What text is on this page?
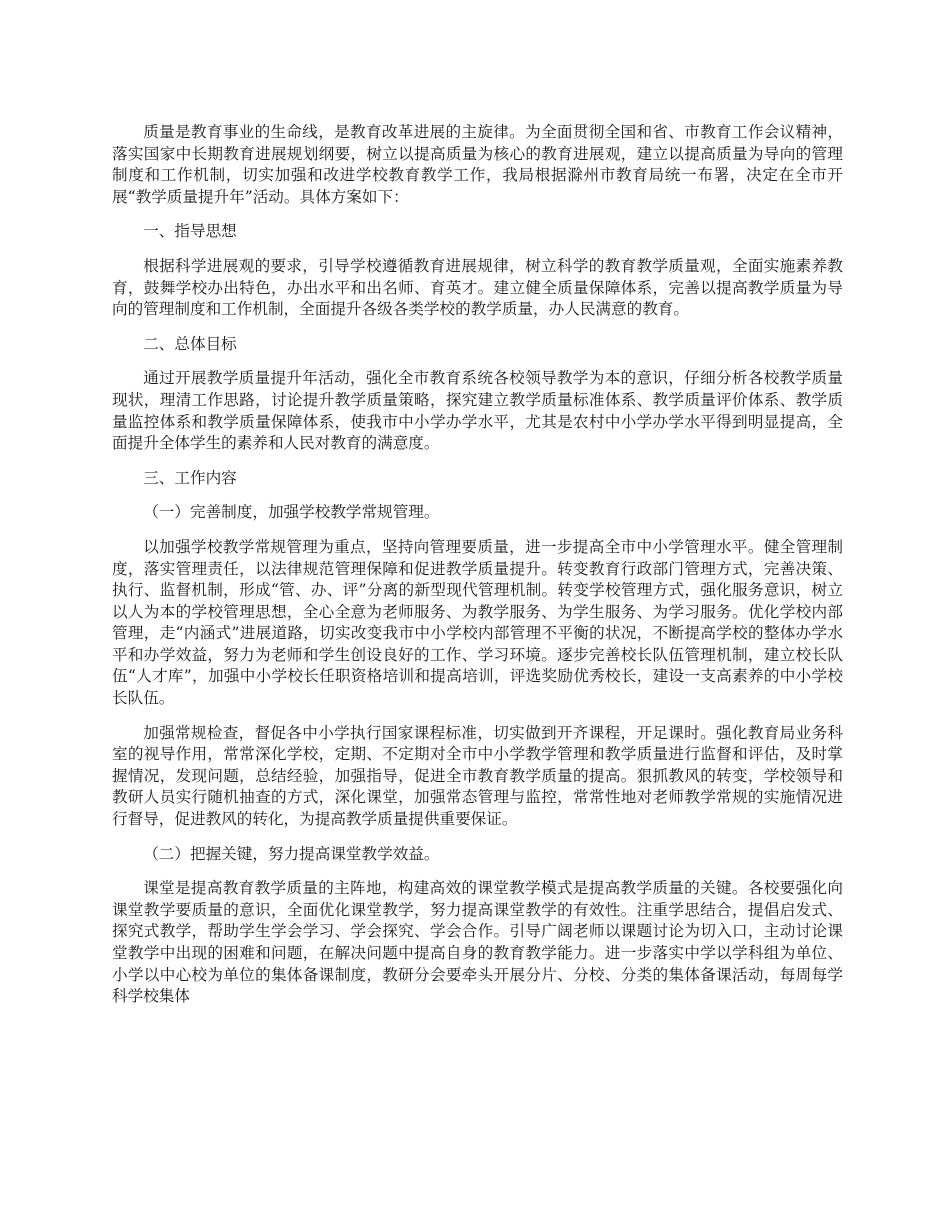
质量是教育事业的生命线，是教育改革进展的主旋律。为全面贯彻全国和省、市教育工作会议精神，落实国家中长期教育进展规划纲要，树立以提高质量为核心的教育进展观，建立以提高质量为导向的管理制度和工作机制，切实加强和改进学校教育教学工作，我局根据滁州市教育局统一布署，决定在全市开展“教学质量提升年”活动。具体方案如下：

一、指导思想

根据科学进展观的要求，引导学校遵循教育进展规律，树立科学的教育教学质量观，全面实施素养教育，鼓舞学校办出特色，办出水平和出名师、育英才。建立健全质量保障体系，完善以提高教学质量为导向的管理制度和工作机制，全面提升各级各类学校的教学质量，办人民满意的教育。

二、总体目标

通过开展教学质量提升年活动，强化全市教育系统各校领导教学为本的意识，仔细分析各校教学质量现状，理清工作思路，讨论提升教学质量策略，探究建立教学质量标准体系、教学质量评价体系、教学质量监控体系和教学质量保障体系，使我市中小学办学水平，尤其是农村中小学办学水平得到明显提高，全面提升全体学生的素养和人民对教育的满意度。

三、工作内容

（一）完善制度，加强学校教学常规管理。

以加强学校教学常规管理为重点，坚持向管理要质量，进一步提高全市中小学管理水平。健全管理制度，落实管理责任，以法律规范管理保障和促进教学质量提升。转变教育行政部门管理方式，完善决策、执行、监督机制，形成“管、办、评”分离的新型现代管理机制。转变学校管理方式，强化服务意识，树立以人为本的学校管理思想，全心全意为老师服务、为教学服务、为学生服务、为学习服务。优化学校内部管理，走“内涵式”进展道路，切实改变我市中小学校内部管理不平衡的状况，不断提高学校的整体办学水平和办学效益，努力为老师和学生创设良好的工作、学习环境。逐步完善校长队伍管理机制，建立校长队伍“人才库”，加强中小学校长任职资格培训和提高培训，评选奖励优秀校长，建设一支高素养的中小学校长队伍。

加强常规检查，督促各中小学执行国家课程标准，切实做到开齐课程，开足课时。强化教育局业务科室的视导作用，常常深化学校，定期、不定期对全市中小学教学管理和教学质量进行监督和评估，及时掌握情况，发现问题，总结经验，加强指导，促进全市教育教学质量的提高。狠抓教风的转变，学校领导和教研人员实行随机抽查的方式，深化课堂，加强常态管理与监控，常常性地对老师教学常规的实施情况进行督导，促进教风的转化，为提高教学质量提供重要保证。

（二）把握关键，努力提高课堂教学效益。

课堂是提高教育教学质量的主阵地，构建高效的课堂教学模式是提高教学质量的关键。各校要强化向课堂教学要质量的意识，全面优化课堂教学，努力提高课堂教学的有效性。注重学思结合，提倡启发式、探究式教学，帮助学生学会学习、学会探究、学会合作。引导广阔老师以课题讨论为切入口，主动讨论课堂教学中出现的困难和问题，在解决问题中提高自身的教育教学能力。进一步落实中学以学科组为单位、小学以中心校为单位的集体备课制度，教研分会要牵头开展分片、分校、分类的集体备课活动，每周每学科学校集体
